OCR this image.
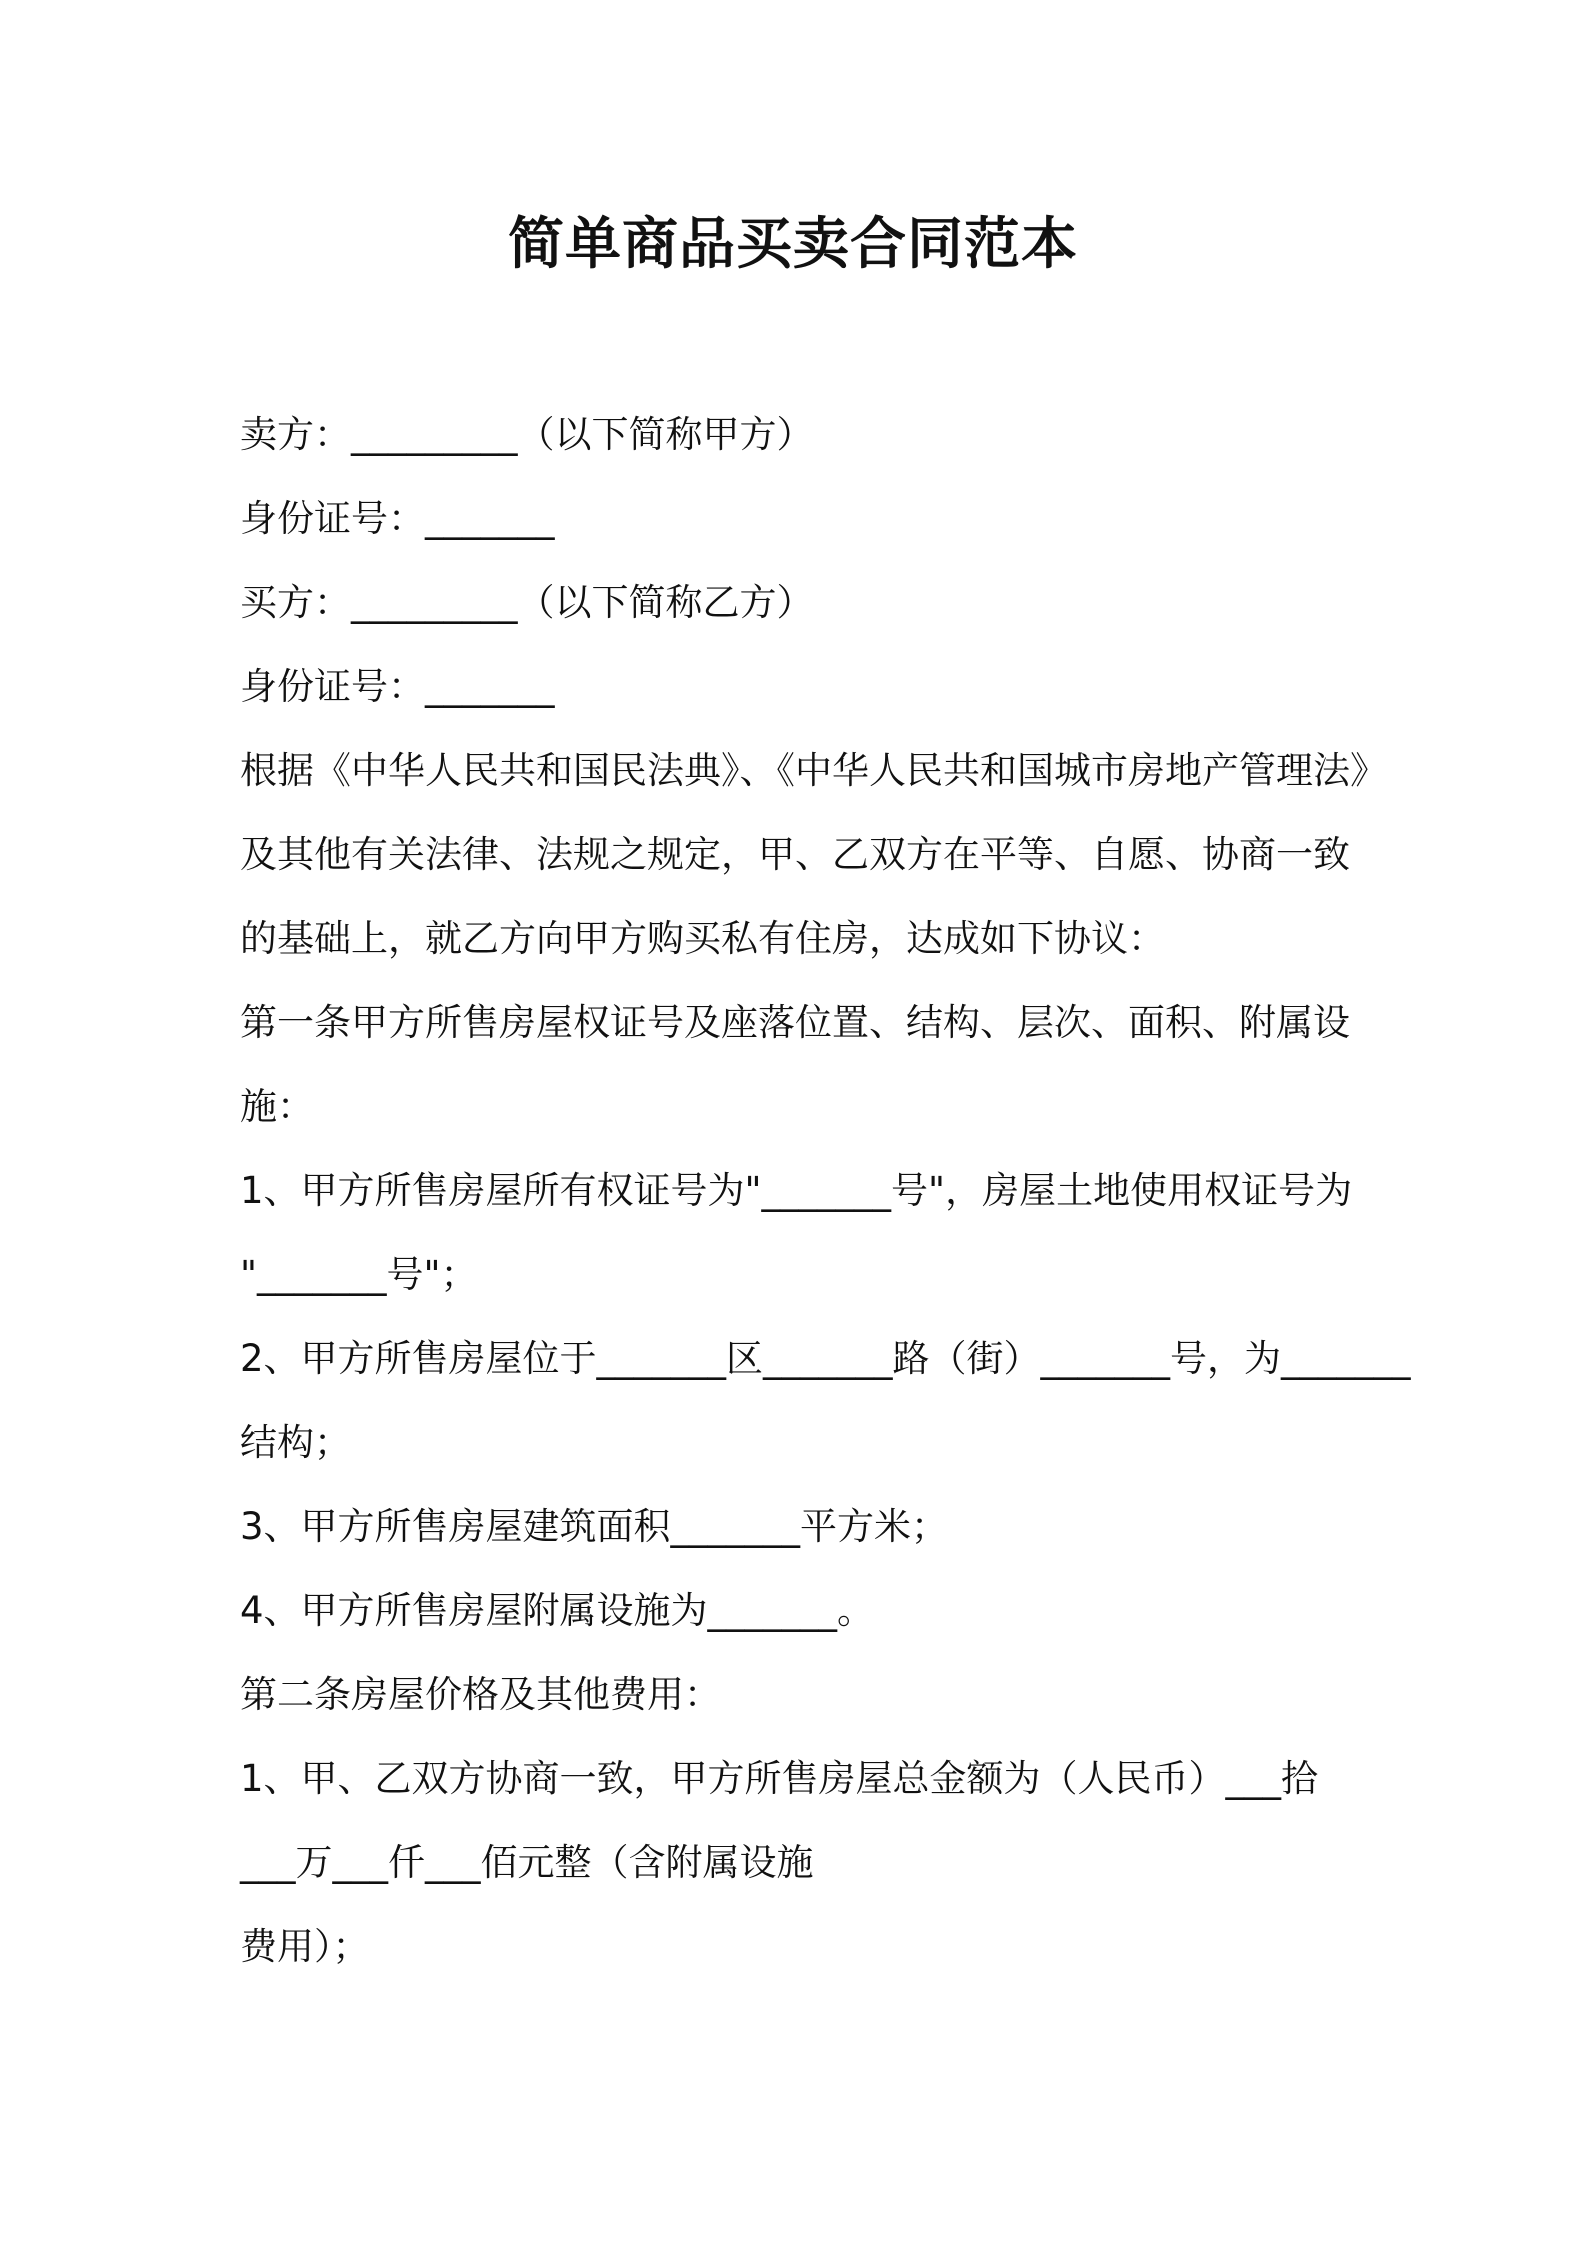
简单商品买卖合同范本

卖方：_________（以下简称甲方）

身份证号：_______

买方：_________（以下简称乙方）

身份证号：_______

根据《中华人民共和国民法典》、《中华人民共和国城市房地产管理法》

及其他有关法律、法规之规定，甲、乙双方在平等、自愿、协商一致

的基础上，就乙方向甲方购买私有住房，达成如下协议：

第一条甲方所售房屋权证号及座落位置、结构、层次、面积、附属设

施：

1、甲方所售房屋所有权证号为"_______号"，房屋土地使用权证号为

"_______号"；

2、甲方所售房屋位于_______区_______路（街）_______号，为_______

结构；

3、甲方所售房屋建筑面积_______平方米；

4、甲方所售房屋附属设施为_______。

第二条房屋价格及其他费用：

1、甲、乙双方协商一致，甲方所售房屋总金额为（人民币）___拾

___万___仟___佰元整（含附属设施

费用）；
